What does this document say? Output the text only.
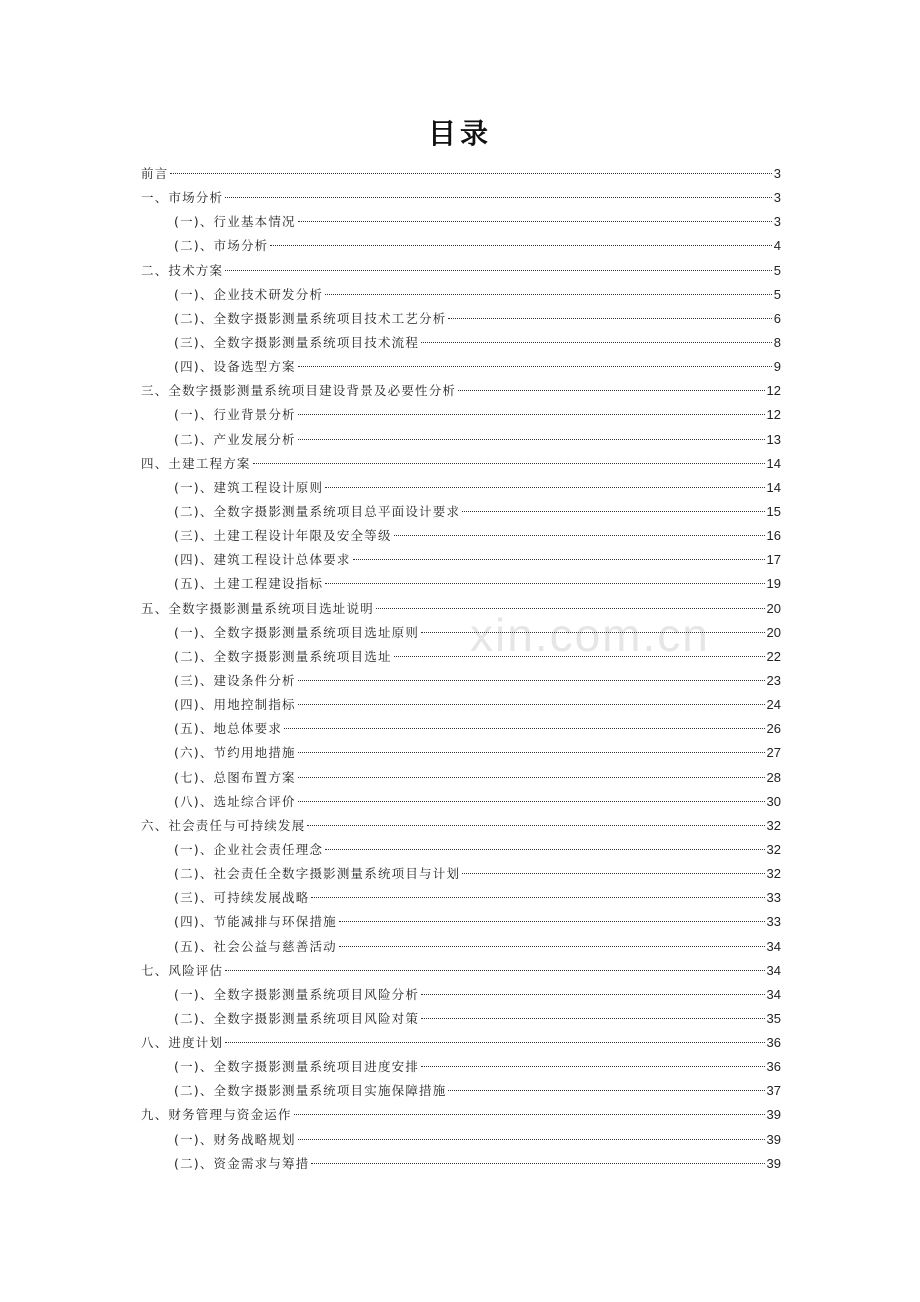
xin.com.cn
目录
前言	3
一、市场分析	3
(一)、行业基本情况	3
(二)、市场分析	4
二、技术方案	5
(一)、企业技术研发分析	5
(二)、全数字摄影测量系统项目技术工艺分析	6
(三)、全数字摄影测量系统项目技术流程	8
(四)、设备选型方案	9
三、全数字摄影测量系统项目建设背景及必要性分析	12
(一)、行业背景分析	12
(二)、产业发展分析	13
四、土建工程方案	14
(一)、建筑工程设计原则	14
(二)、全数字摄影测量系统项目总平面设计要求	15
(三)、土建工程设计年限及安全等级	16
(四)、建筑工程设计总体要求	17
(五)、土建工程建设指标	19
五、全数字摄影测量系统项目选址说明	20
(一)、全数字摄影测量系统项目选址原则	20
(二)、全数字摄影测量系统项目选址	22
(三)、建设条件分析	23
(四)、用地控制指标	24
(五)、地总体要求	26
(六)、节约用地措施	27
(七)、总图布置方案	28
(八)、选址综合评价	30
六、社会责任与可持续发展	32
(一)、企业社会责任理念	32
(二)、社会责任全数字摄影测量系统项目与计划	32
(三)、可持续发展战略	33
(四)、节能减排与环保措施	33
(五)、社会公益与慈善活动	34
七、风险评估	34
(一)、全数字摄影测量系统项目风险分析	34
(二)、全数字摄影测量系统项目风险对策	35
八、进度计划	36
(一)、全数字摄影测量系统项目进度安排	36
(二)、全数字摄影测量系统项目实施保障措施	37
九、财务管理与资金运作	39
(一)、财务战略规划	39
(二)、资金需求与筹措	39
